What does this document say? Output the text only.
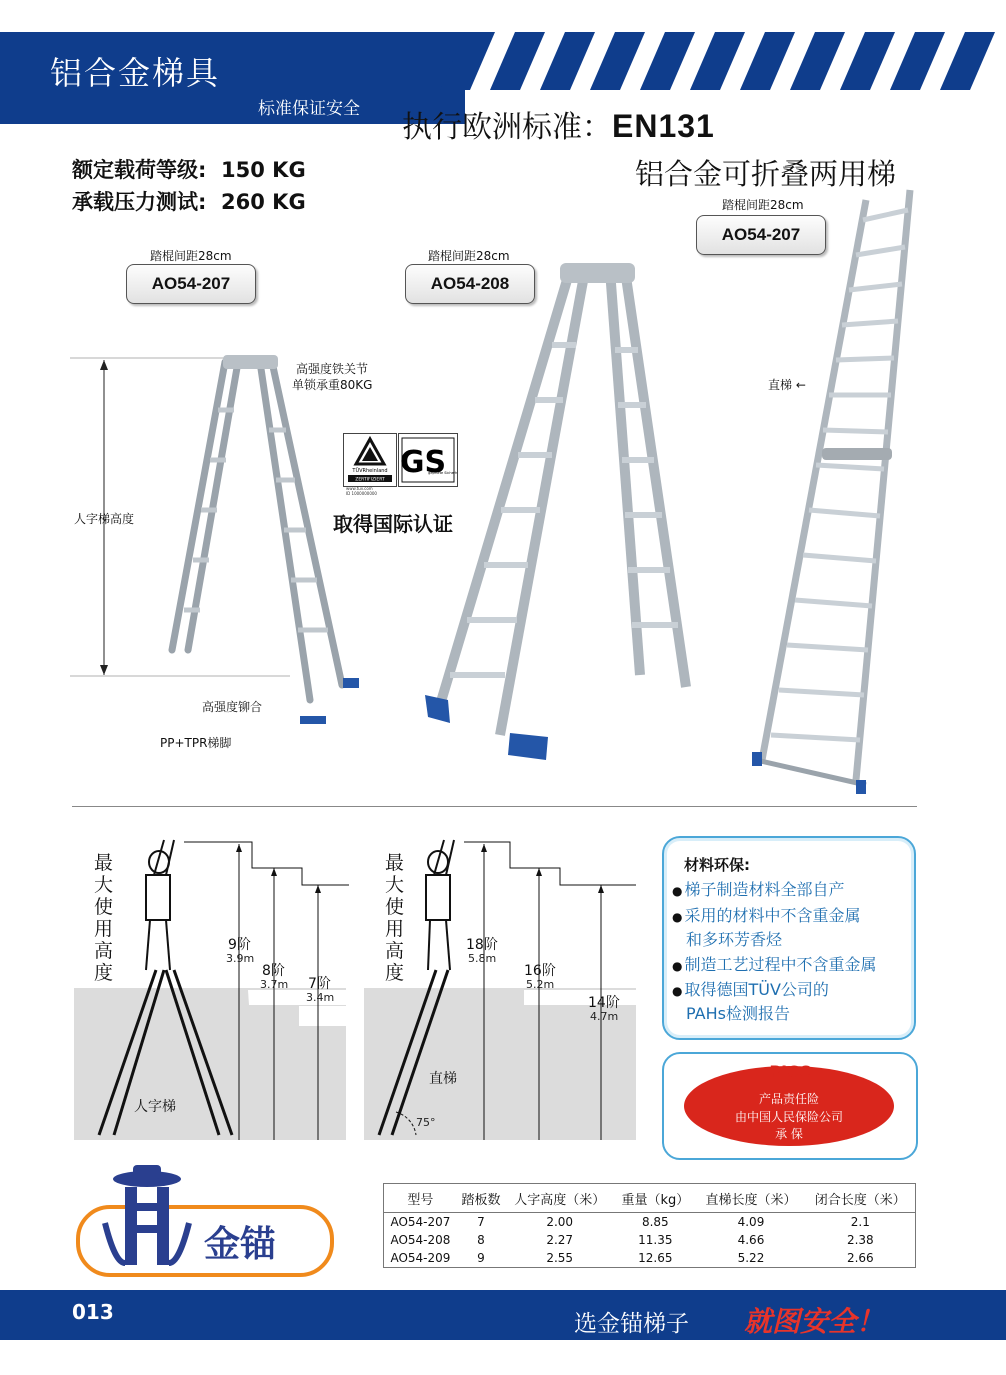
铝合金梯具
标准保证安全
执行欧洲标准：EN131
额定载荷等级: 150 KG
承载压力测试: 260 KG
铝合金可折叠两用梯
踏棍间距28cm
AO54-207
踏棍间距28cm
AO54-208
踏棍间距28cm
AO54-207
高强度铁关节
单锁承重80KG
人字梯高度
高强度铆合
PP+TPR梯脚
直梯 ←
TÜVRheinland
ZERTIFIZIERT
www.tuv.com
ID 1000000000
GS
geprüfte Sicherh
取得国际认证
最大使用高度
9阶
3.9m
8阶
3.7m 7阶
3.4m
人字梯
最大使用高度
18阶
5.8m
16阶
5.2m
14阶
4.7m
直梯
75°
材料环保:
● 梯子制造材料全部自产
● 采用的材料中不含重金属
和多环芳香烃
● 制造工艺过程中不含重金属
● 取得德国TÜV公司的
PAHs检测报告
PICC
产品责任险
由中国人民保险公司
承 保
金锚
型号	踏板数	人字高度（米）	重量（kg）	直梯长度（米）	闭合长度（米）
AO54-207	7	2.00	8.85	4.09	2.1
AO54-208	8	2.27	11.35	4.66	2.38
AO54-209	9	2.55	12.65	5.22	2.66
013	选金锚梯子 就图安全！
